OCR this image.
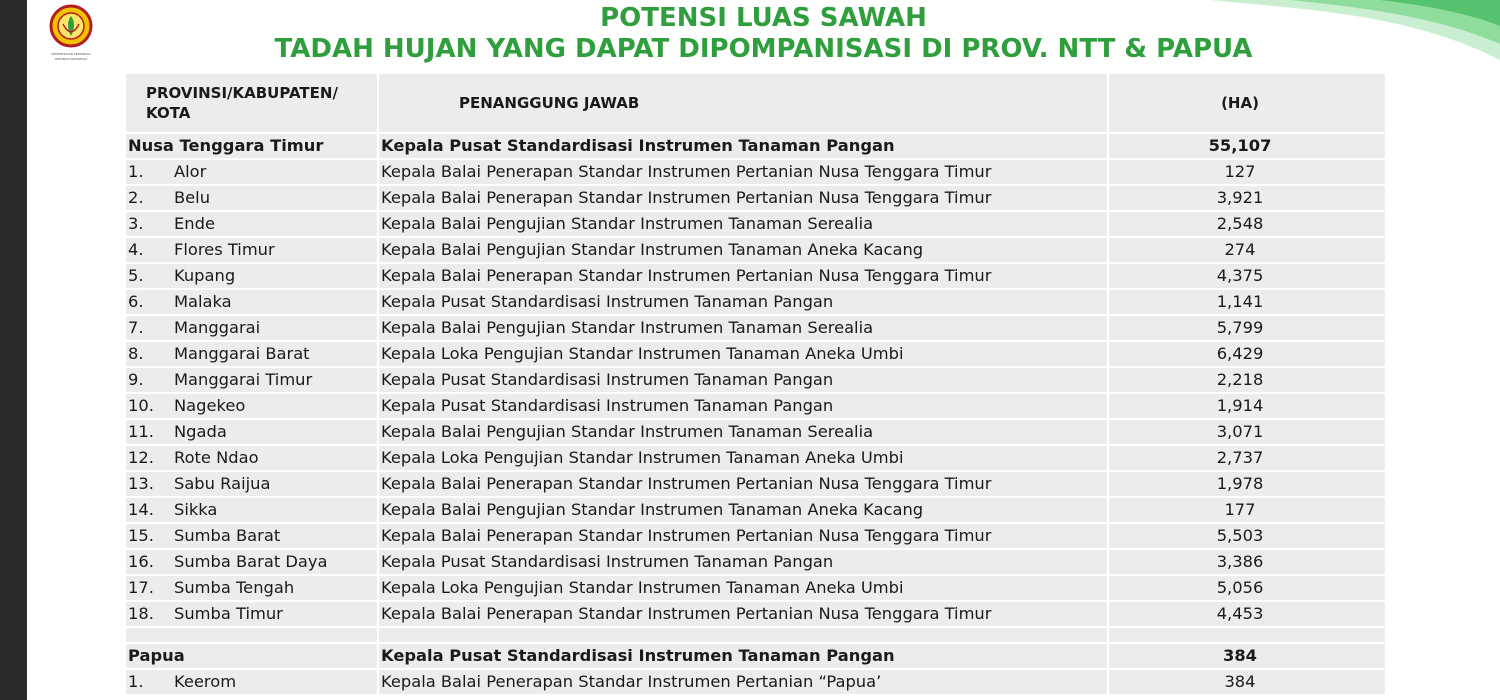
KEMENTERIAN PERTANIAN
REPUBLIK INDONESIA
POTENSI LUAS SAWAH
TADAH HUJAN YANG DAPAT DIPOMPANISASI DI PROV. NTT & PAPUA
PROVINSI/KABUPATEN/
KOTA	PENANGGUNG JAWAB	(HA)
Nusa Tenggara Timur	Kepala Pusat Standardisasi Instrumen Tanaman Pangan	55,107
1. Alor	Kepala Balai Penerapan Standar Instrumen Pertanian Nusa Tenggara Timur	127
2. Belu	Kepala Balai Penerapan Standar Instrumen Pertanian Nusa Tenggara Timur	3,921
3. Ende	Kepala Balai Pengujian Standar Instrumen Tanaman Serealia	2,548
4. Flores Timur	Kepala Balai Pengujian Standar Instrumen Tanaman Aneka Kacang	274
5. Kupang	Kepala Balai Penerapan Standar Instrumen Pertanian Nusa Tenggara Timur	4,375
6. Malaka	Kepala Pusat Standardisasi Instrumen Tanaman Pangan	1,141
7. Manggarai	Kepala Balai Pengujian Standar Instrumen Tanaman Serealia	5,799
8. Manggarai Barat	Kepala Loka Pengujian Standar Instrumen Tanaman Aneka Umbi	6,429
9. Manggarai Timur	Kepala Pusat Standardisasi Instrumen Tanaman Pangan	2,218
10. Nagekeo	Kepala Pusat Standardisasi Instrumen Tanaman Pangan	1,914
11. Ngada	Kepala Balai Pengujian Standar Instrumen Tanaman Serealia	3,071
12. Rote Ndao	Kepala Loka Pengujian Standar Instrumen Tanaman Aneka Umbi	2,737
13. Sabu Raijua	Kepala Balai Penerapan Standar Instrumen Pertanian Nusa Tenggara Timur	1,978
14. Sikka	Kepala Balai Pengujian Standar Instrumen Tanaman Aneka Kacang	177
15. Sumba Barat	Kepala Balai Penerapan Standar Instrumen Pertanian Nusa Tenggara Timur	5,503
16. Sumba Barat Daya	Kepala Pusat Standardisasi Instrumen Tanaman Pangan	3,386
17. Sumba Tengah	Kepala Loka Pengujian Standar Instrumen Tanaman Aneka Umbi	5,056
18. Sumba Timur	Kepala Balai Penerapan Standar Instrumen Pertanian Nusa Tenggara Timur	4,453

Papua	Kepala Pusat Standardisasi Instrumen Tanaman Pangan	384
1. Keerom	Kepala Balai Penerapan Standar Instrumen Pertanian “Papua’	384
